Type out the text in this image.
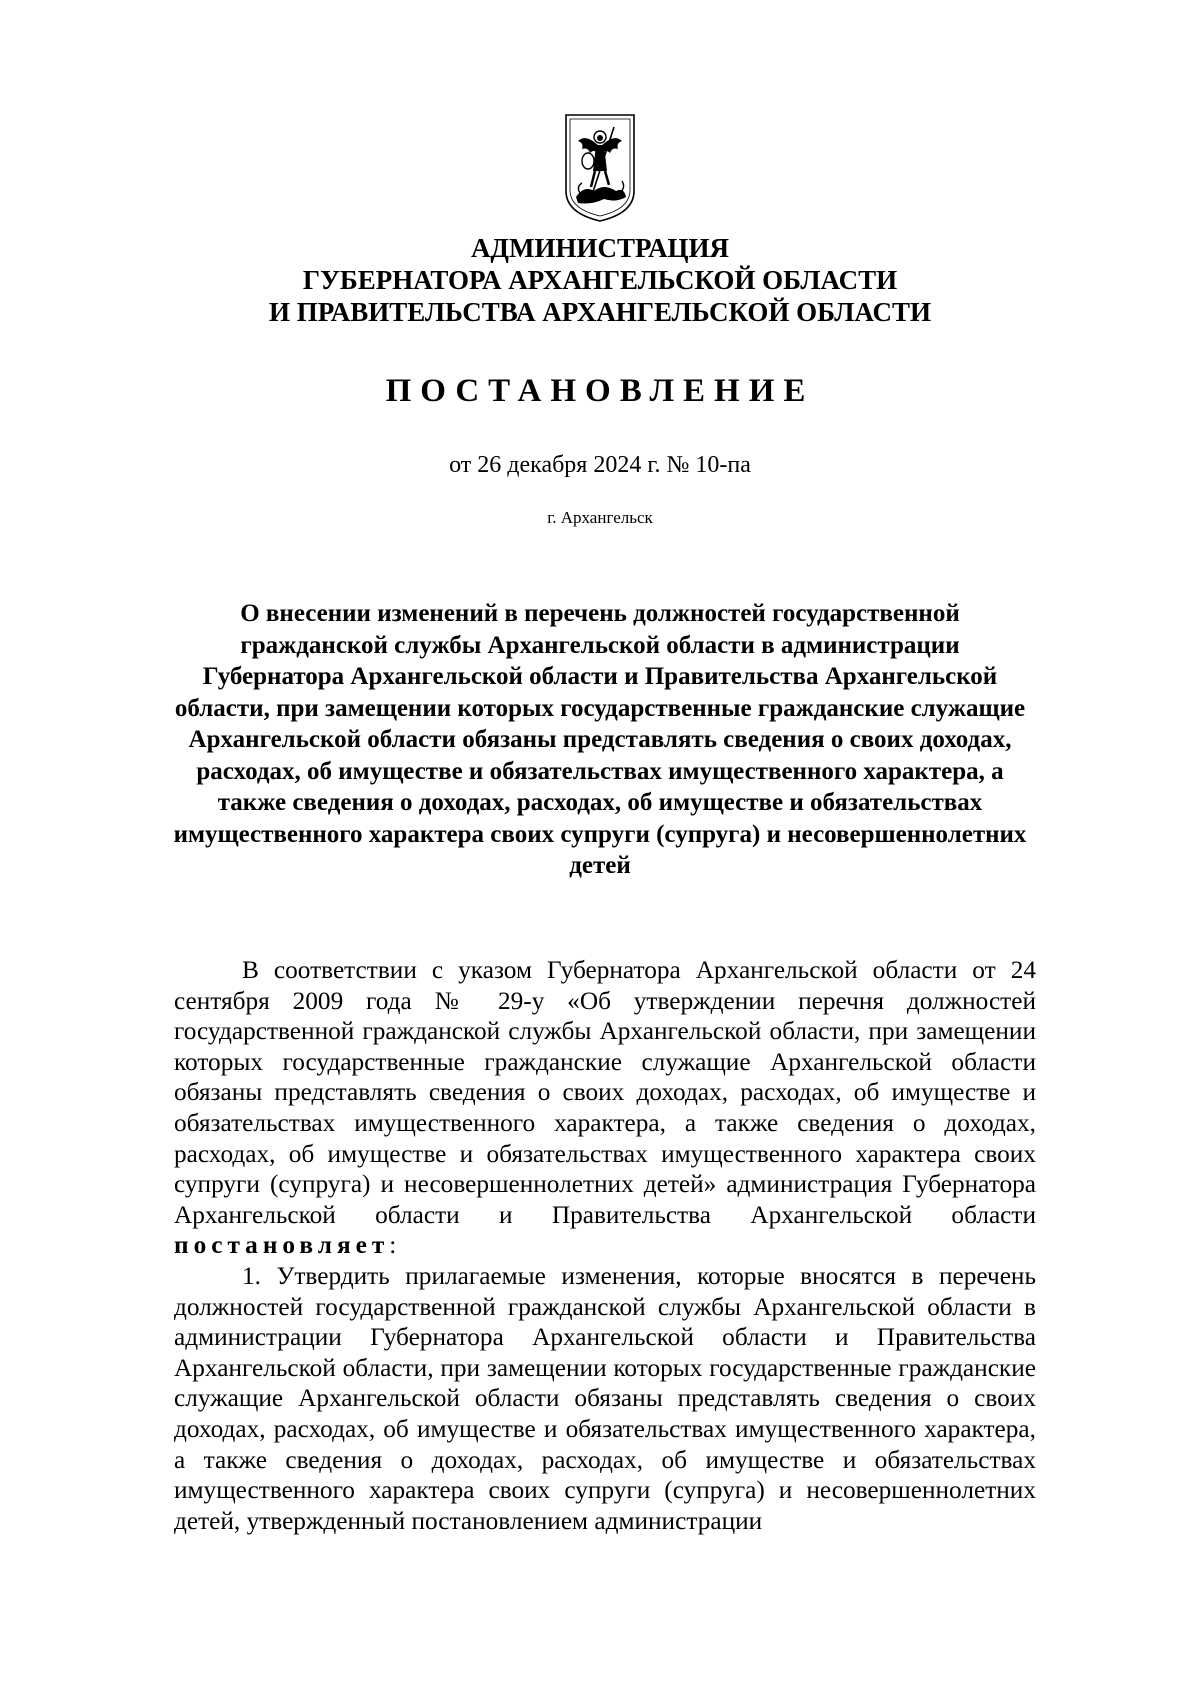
АДМИНИСТРАЦИЯ
ГУБЕРНАТОРА АРХАНГЕЛЬСКОЙ ОБЛАСТИ
И ПРАВИТЕЛЬСТВА АРХАНГЕЛЬСКОЙ ОБЛАСТИ
ПОСТАНОВЛЕНИЕ
от 26 декабря 2024 г. № 10-па
г. Архангельск
О внесении изменений в перечень должностей государственной гражданской службы Архангельской области в администрации Губернатора Архангельской области и Правительства Архангельской области, при замещении которых государственные гражданские служащие Архангельской области обязаны представлять сведения о своих доходах, расходах, об имуществе и обязательствах имущественного характера, а также сведения о доходах, расходах, об имуществе и обязательствах имущественного характера своих супруги (супруга) и несовершеннолетних детей

В соответствии с указом Губернатора Архангельской области от 24 сентября 2009 года № 29-у «Об утверждении перечня должностей государственной гражданской службы Архангельской области, при замещении которых государственные гражданские служащие Архангельской области обязаны представлять сведения о своих доходах, расходах, об имуществе и обязательствах имущественного характера, а также сведения о доходах, расходах, об имуществе и обязательствах имущественного характера своих супруги (супруга) и несовершеннолетних детей» администрация Губернатора Архангельской области и Правительства Архангельской области постановляет:

1. Утвердить прилагаемые изменения, которые вносятся в перечень должностей государственной гражданской службы Архангельской области в администрации Губернатора Архангельской области и Правительства Архангельской области, при замещении которых государственные гражданские служащие Архангельской области обязаны представлять сведения о своих доходах, расходах, об имуществе и обязательствах имущественного характера, а также сведения о доходах, расходах, об имуществе и обязательствах имущественного характера своих супруги (супруга) и несовершеннолетних детей, утвержденный постановлением администрации
